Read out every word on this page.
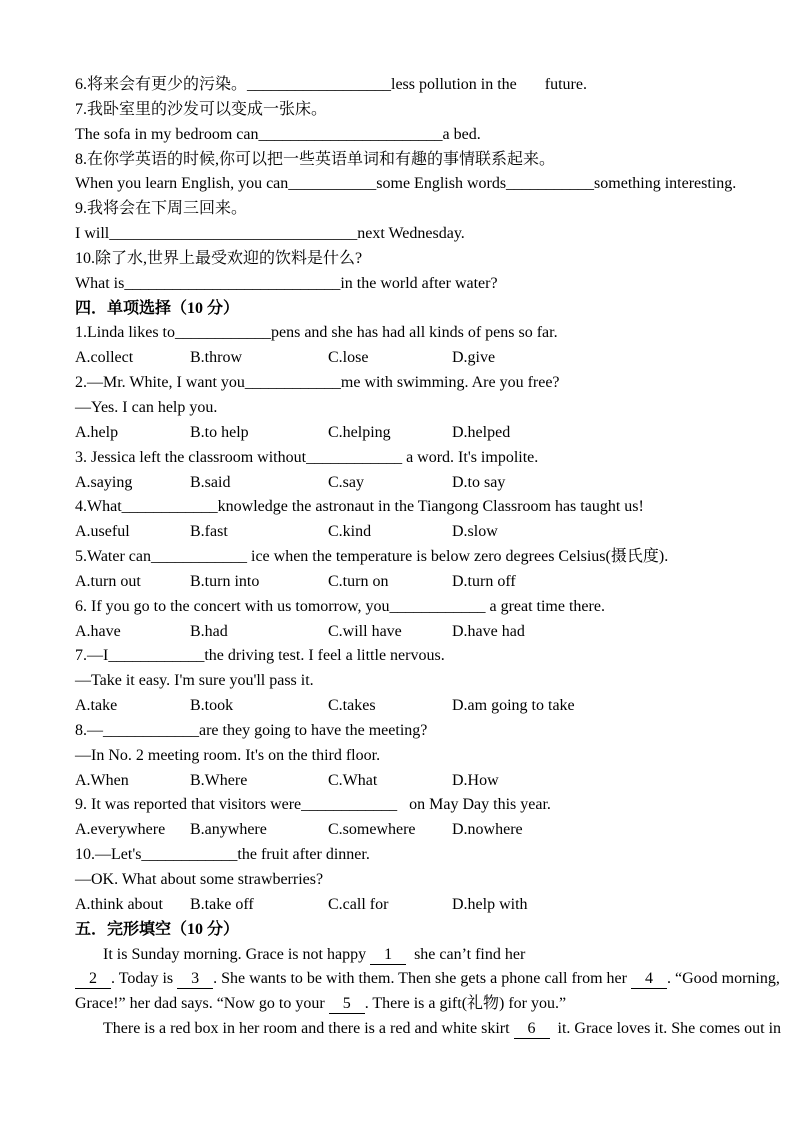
6.将来会有更少的污染。__________________less pollution in the       future.
7.我卧室里的沙发可以变成一张床。
The sofa in my bedroom can_______________________a bed.
8.在你学英语的时候,你可以把一些英语单词和有趣的事情联系起来。
When you learn English, you can___________some English words___________something interesting.
9.我将会在下周三回来。
I will_______________________________next Wednesday.
10.除了水,世界上最受欢迎的饮料是什么?
What is___________________________in the world after water?
四．单项选择（10 分）
1.Linda likes to____________pens and she has had all kinds of pens so far.
A.collect	B.throw	C.lose	D.give
2.—Mr. White, I want you____________me with swimming. Are you free?
—Yes. I can help you.
A.help	B.to help	C.helping	D.helped
3. Jessica left the classroom without____________ a word. It's impolite.
A.saying	B.said	C.say	D.to say
4.What____________knowledge the astronaut in the Tiangong Classroom has taught us!
A.useful	B.fast	C.kind	D.slow
5.Water can____________ ice when the temperature is below zero degrees Celsius(摄氏度).
A.turn out	B.turn into	C.turn on	D.turn off
6. If you go to the concert with us tomorrow, you____________ a great time there.
A.have	B.had	C.will have	D.have had
7.—I____________the driving test. I feel a little nervous.
—Take it easy. I'm sure you'll pass it.
A.take	B.took	C.takes	D.am going to take
8.—____________are they going to have the meeting?
—In No. 2 meeting room. It's on the third floor.
A.When	B.Where	C.What	D.How
9. It was reported that visitors were____________   on May Day this year.
A.everywhere	B.anywhere	C.somewhere	D.nowhere
10.—Let's____________the fruit after dinner.
—OK. What about some strawberries?
A.think about	B.take off	C.call for	D.help with
五．完形填空（10 分）
It is Sunday morning. Grace is not happy 1  she can’t find her
2 . Today is 3 . She wants to be with them. Then she gets a phone call from her 4 . “Good morning,
Grace!” her dad says. “Now go to your 5 . There is a gift(礼物) for you.”
There is a red box in her room and there is a red and white skirt 6  it. Grace loves it. She comes out in
